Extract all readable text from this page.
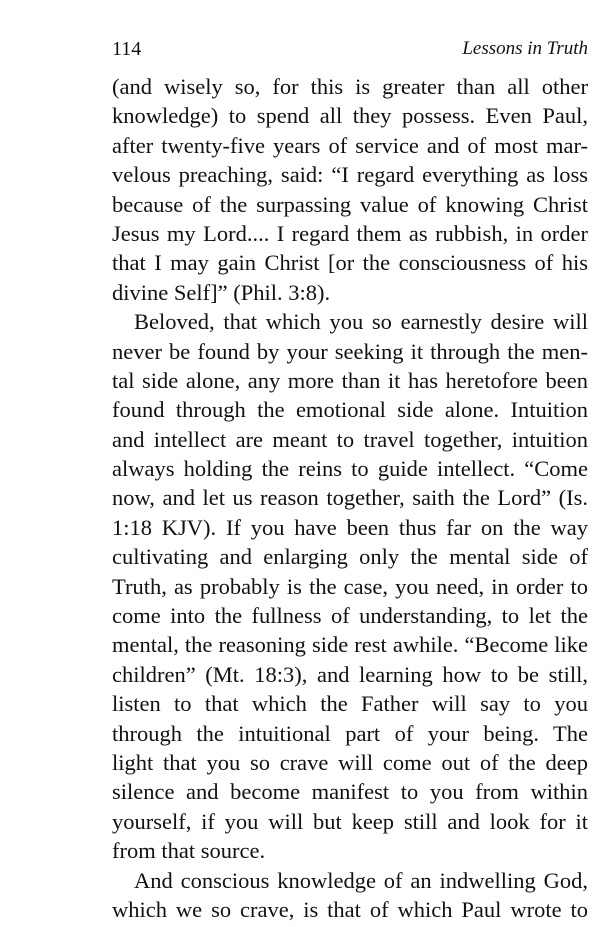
114	Lessons in Truth
(and wisely so, for this is greater than all other
knowledge) to spend all they possess. Even Paul,
after twenty-five years of service and of most mar-
velous preaching, said: “I regard everything as loss
because of the surpassing value of knowing Christ
Jesus my Lord.... I regard them as rubbish, in order
that I may gain Christ [or the consciousness of his
divine Self]” (Phil. 3:8).
Beloved, that which you so earnestly desire will
never be found by your seeking it through the men-
tal side alone, any more than it has heretofore been
found through the emotional side alone. Intuition
and intellect are meant to travel together, intuition
always holding the reins to guide intellect. “Come
now, and let us reason together, saith the Lord” (Is.
1:18 KJV). If you have been thus far on the way
cultivating and enlarging only the mental side of
Truth, as probably is the case, you need, in order to
come into the fullness of understanding, to let the
mental, the reasoning side rest awhile. “Become like
children” (Mt. 18:3), and learning how to be still,
listen to that which the Father will say to you
through the intuitional part of your being. The
light that you so crave will come out of the deep
silence and become manifest to you from within
yourself, if you will but keep still and look for it
from that source.
And conscious knowledge of an indwelling God,
which we so crave, is that of which Paul wrote to
